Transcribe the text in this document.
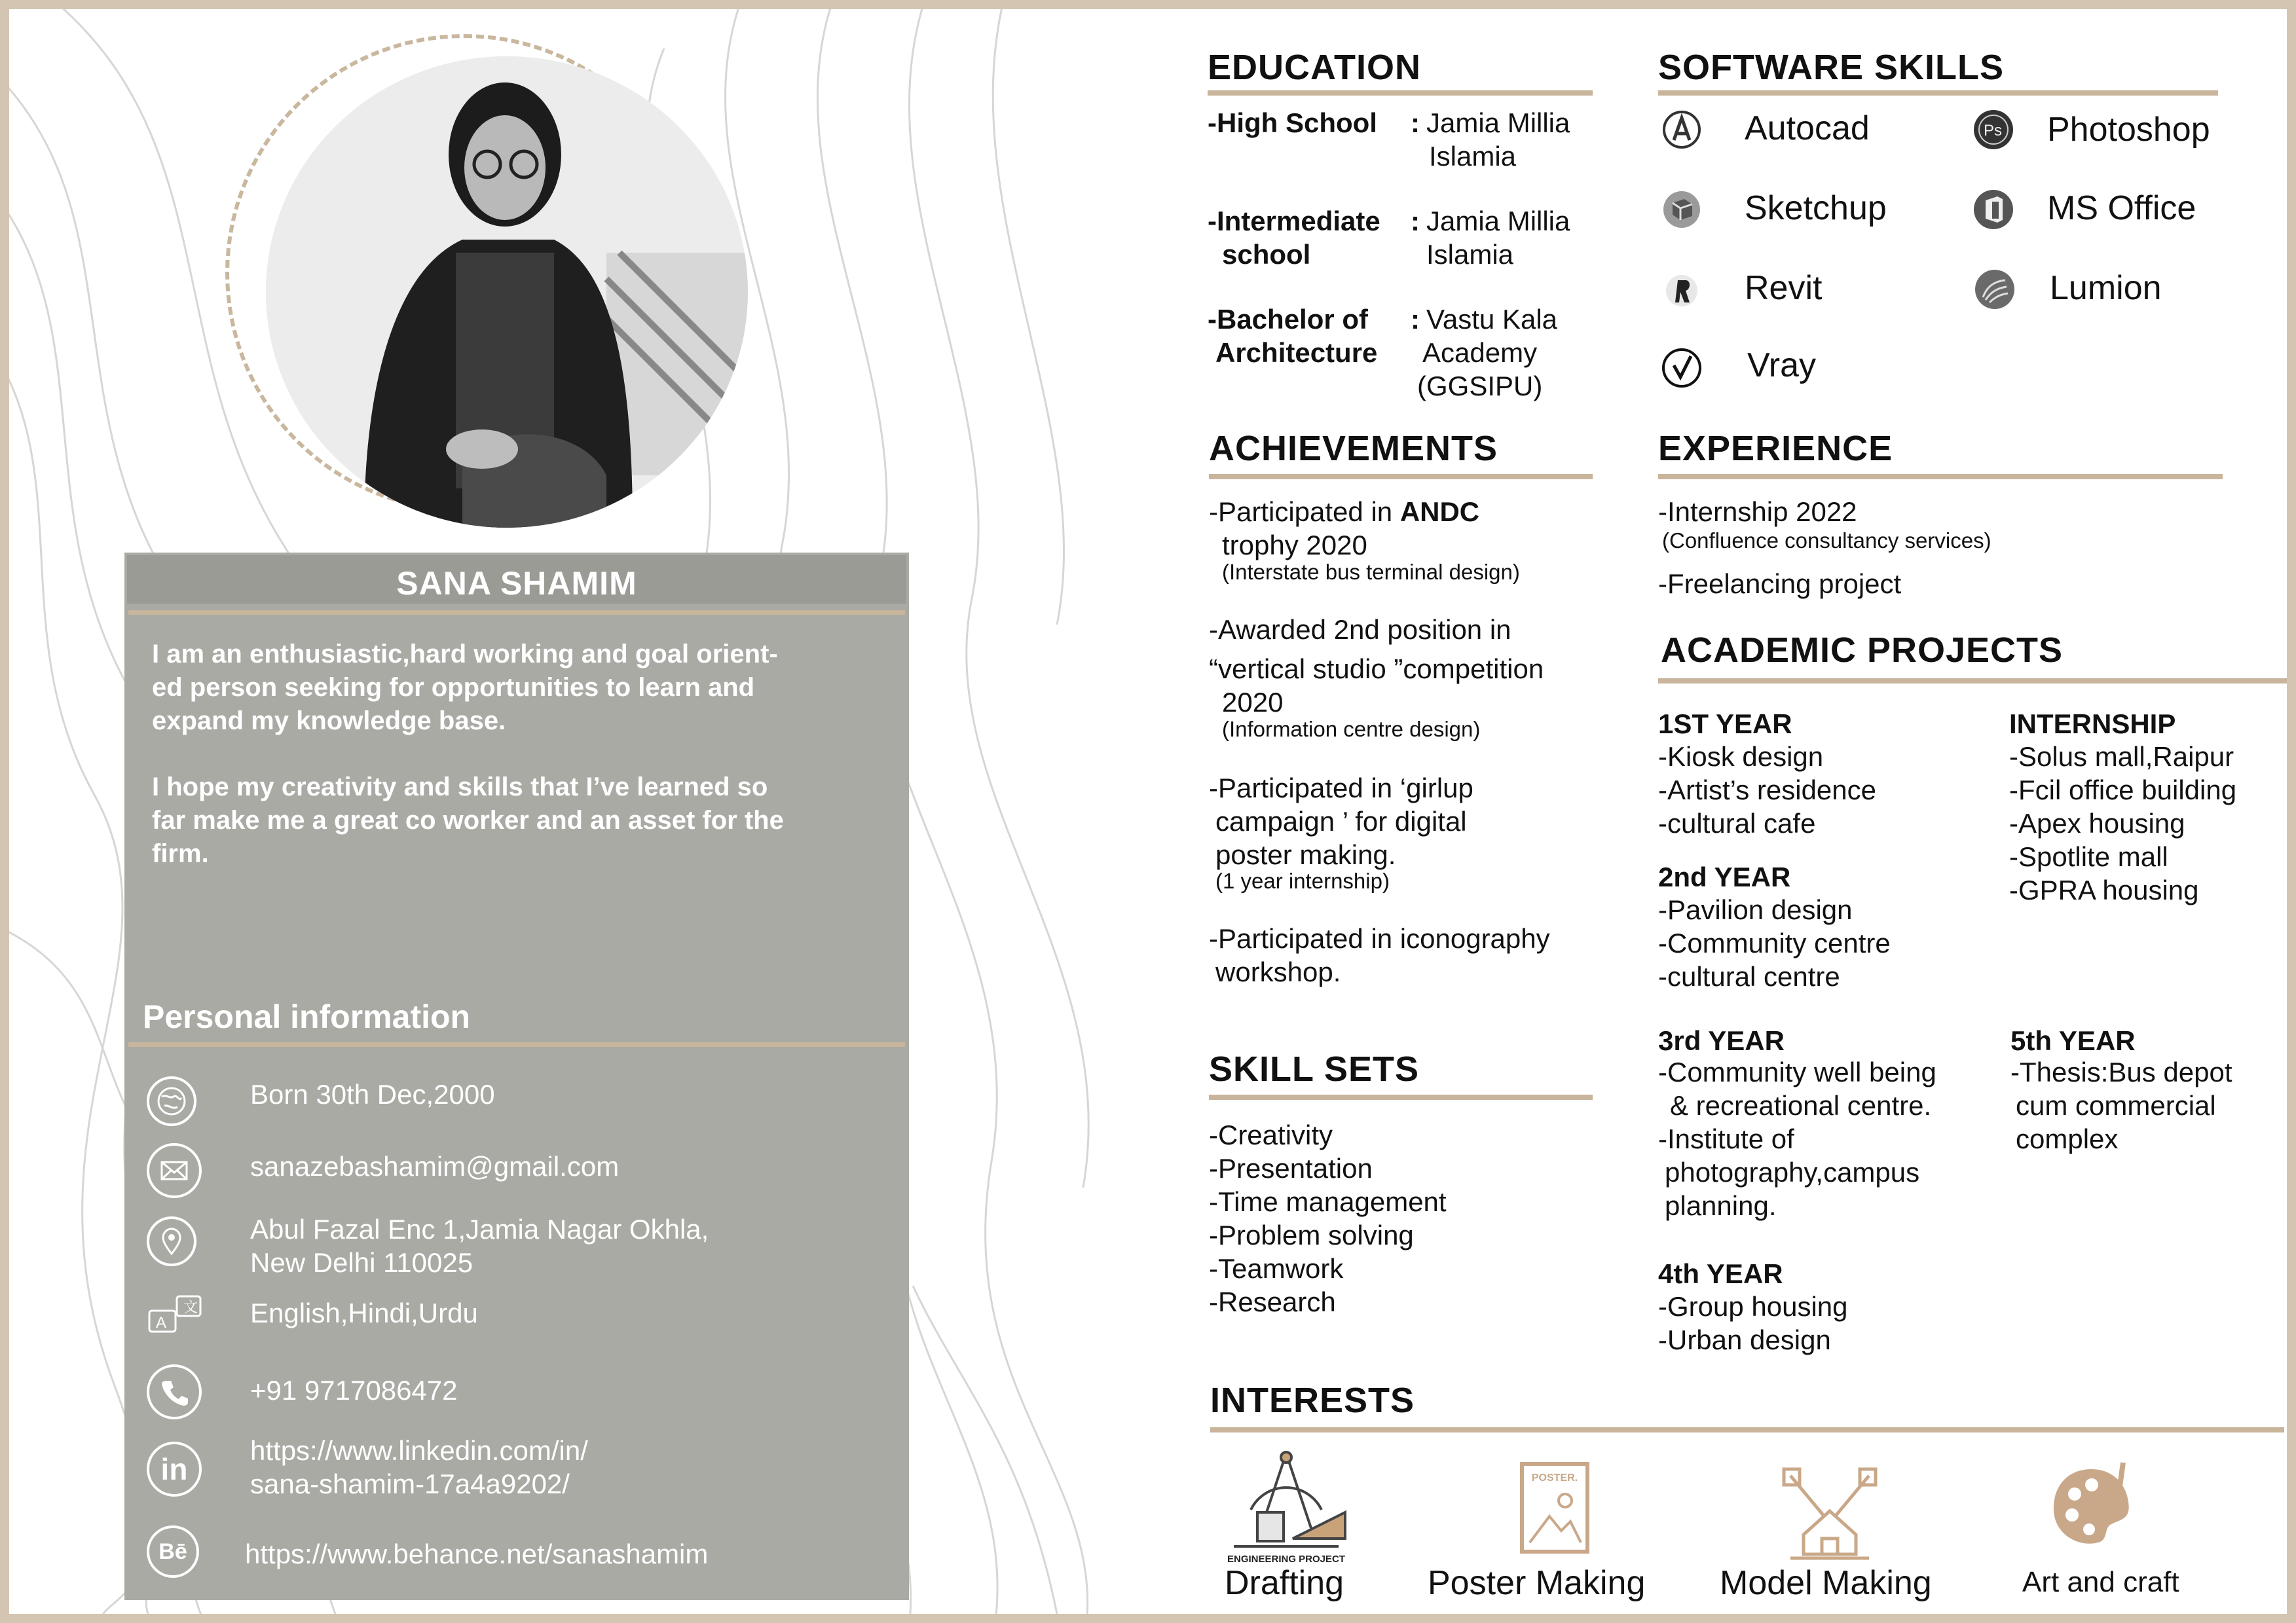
SANA SHAMIM

I am an enthusiastic,hard working and goal orient-
ed person seeking for opportunities to learn and
expand my knowledge base.

I hope my creativity and skills that I’ve learned so
far make me a great co worker and an asset for the
firm.

Personal information
Born 30th Dec,2000
sanazebashamim@gmail.com
Abul Fazal Enc 1,Jamia Nagar Okhla,
New Delhi 110025
A
文 English,Hindi,Urdu
+91 9717086472
in
https://www.linkedin.com/in/
sana-shamim-17a4a9202/
Bē	https://www.behance.net/sanashamim
EDUCATION
-High School : Jamia Millia
Islamia
-Intermediate
school
: Jamia Millia
Islamia
-Bachelor of
Architecture
: Vastu Kala
Academy
(GGSIPU)
SOFTWARE SKILLS
Autocad	Ps Photoshop
Sketchup	MS Office
Revit	Lumion
Vray
ACHIEVEMENTS
-Participated in ANDC
trophy 2020
(Interstate bus terminal design)
-Awarded 2nd position in
“vertical studio ”competition
2020
(Information centre design)
-Participated in ‘girlup
campaign ’ for digital
poster making.
(1 year internship)
-Participated in iconography
workshop.
SKILL SETS
-Creativity
-Presentation
-Time management
-Problem solving
-Teamwork
-Research
EXPERIENCE
-Internship 2022
(Confluence consultancy services)
-Freelancing project
ACADEMIC PROJECTS
1ST YEAR
-Kiosk design
-Artist’s residence
-cultural cafe
INTERNSHIP
-Solus mall,Raipur
-Fcil office building
-Apex housing
-Spotlite mall
-GPRA housing
2nd YEAR
-Pavilion design
-Community centre
-cultural centre
3rd YEAR
-Community well being
& recreational centre.
-Institute of
photography,campus
planning.
5th YEAR
-Thesis:Bus depot
cum commercial
complex
4th YEAR
-Group housing
-Urban design
INTERESTS
ENGINEERING PROJECT
Drafting
POSTER.
Poster Making Model Making	Art and craft
